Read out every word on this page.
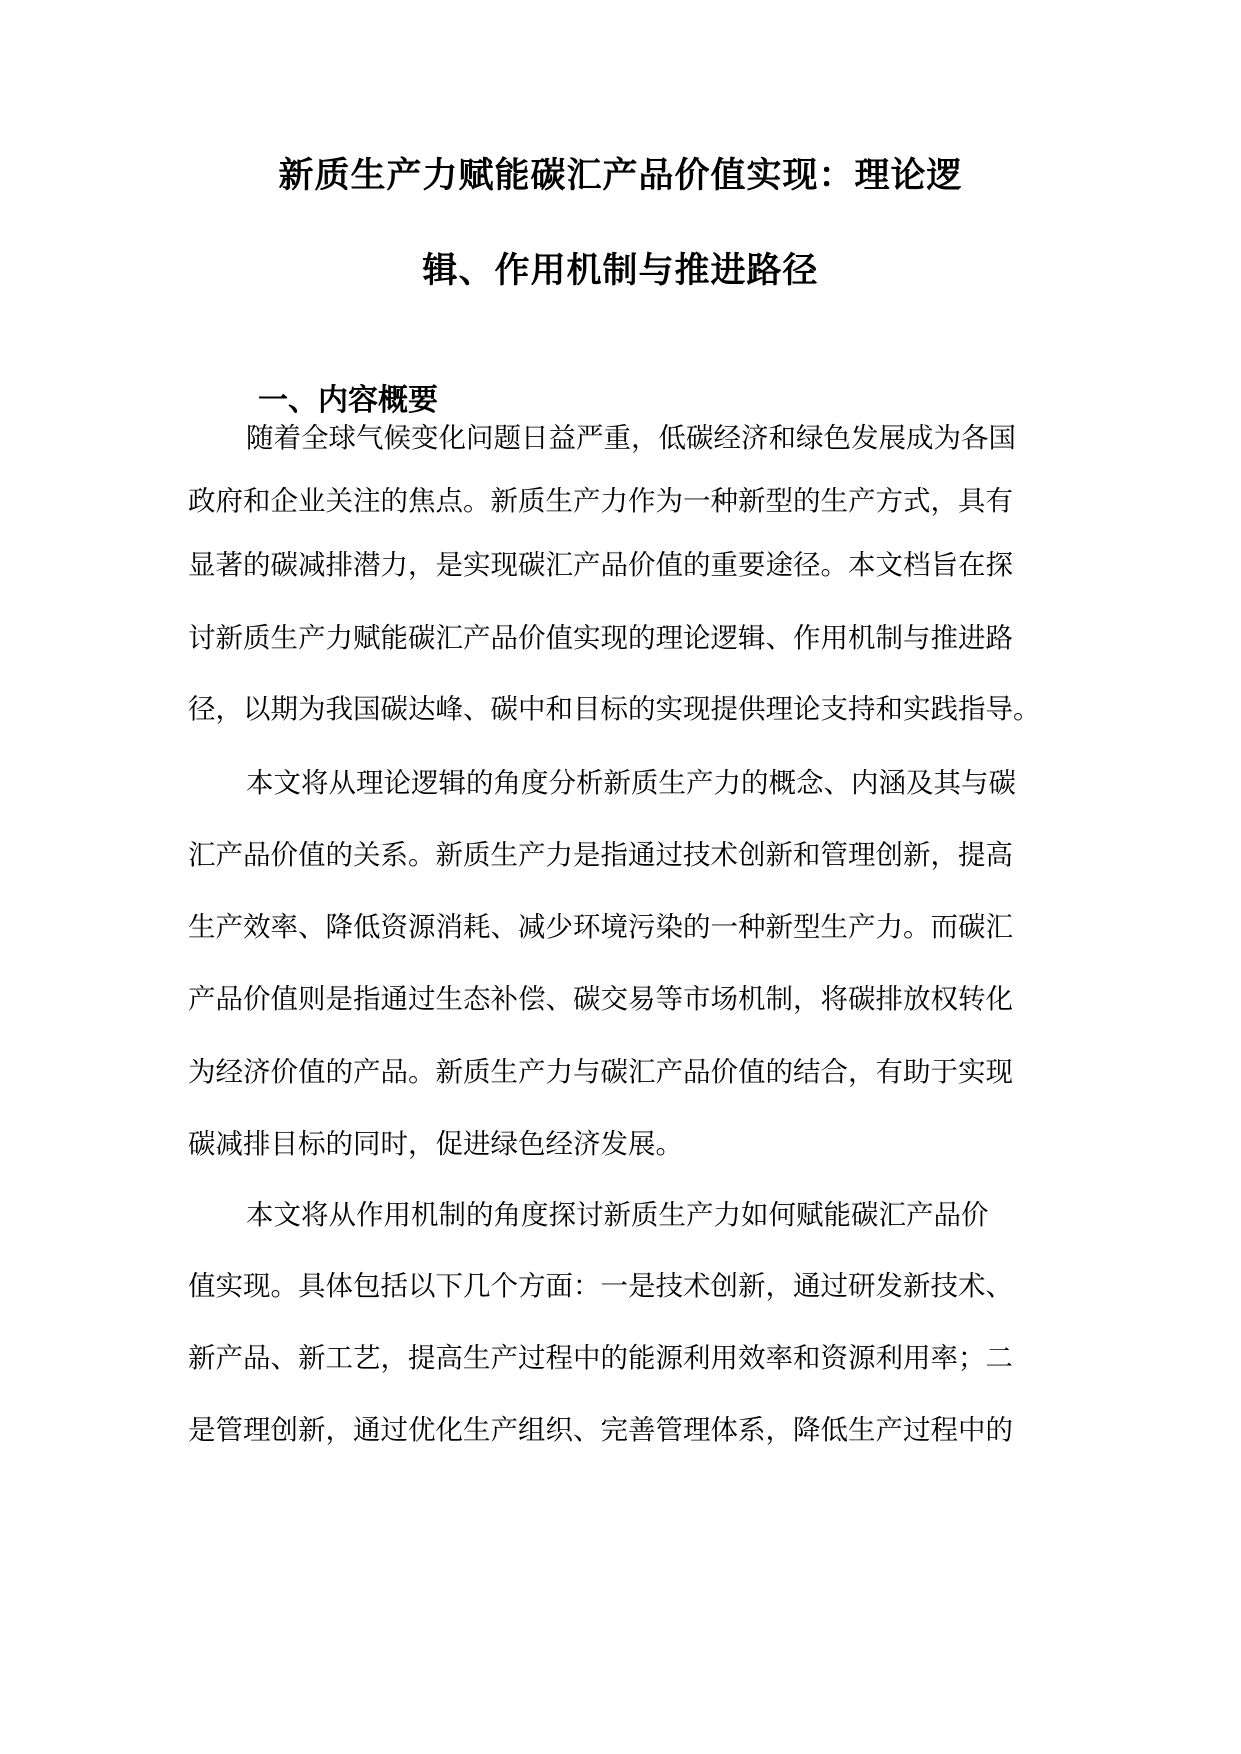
新质生产力赋能碳汇产品价值实现：理论逻
辑、作用机制与推进路径
一、内容概要
随着全球气候变化问题日益严重，低碳经济和绿色发展成为各国
政府和企业关注的焦点。新质生产力作为一种新型的生产方式，具有
显著的碳减排潜力，是实现碳汇产品价值的重要途径。本文档旨在探
讨新质生产力赋能碳汇产品价值实现的理论逻辑、作用机制与推进路
径，以期为我国碳达峰、碳中和目标的实现提供理论支持和实践指导。
本文将从理论逻辑的角度分析新质生产力的概念、内涵及其与碳
汇产品价值的关系。新质生产力是指通过技术创新和管理创新，提高
生产效率、降低资源消耗、减少环境污染的一种新型生产力。而碳汇
产品价值则是指通过生态补偿、碳交易等市场机制，将碳排放权转化
为经济价值的产品。新质生产力与碳汇产品价值的结合，有助于实现
碳减排目标的同时，促进绿色经济发展。
本文将从作用机制的角度探讨新质生产力如何赋能碳汇产品价
值实现。具体包括以下几个方面：一是技术创新，通过研发新技术、
新产品、新工艺，提高生产过程中的能源利用效率和资源利用率；二
是管理创新，通过优化生产组织、完善管理体系，降低生产过程中的
